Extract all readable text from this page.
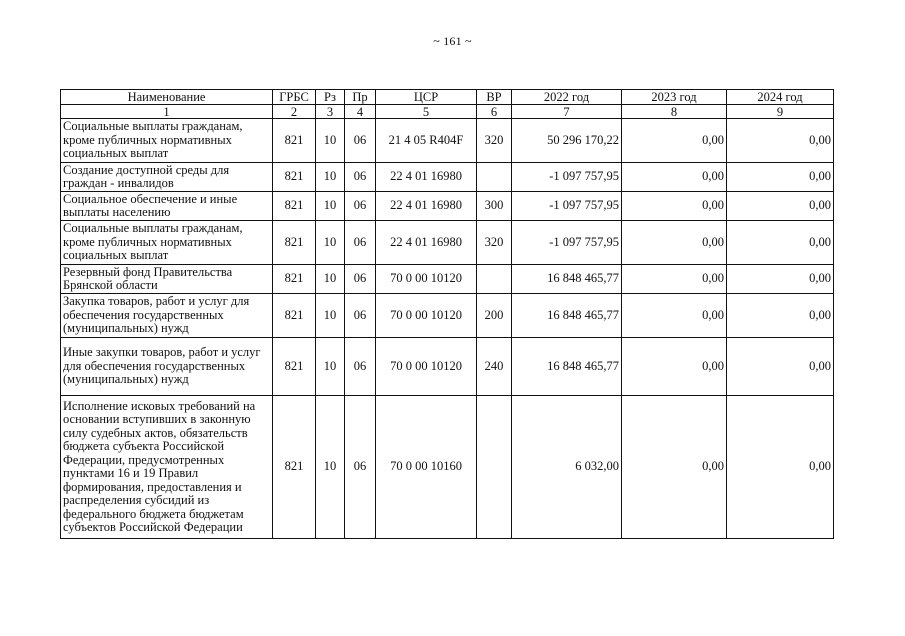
~ 161 ~
Наименование	ГРБС	Рз	Пр	ЦСР	ВР	2022 год	2023 год	2024 год
1	2	3	4	5	6	7	8	9
Социальные выплаты гражданам, кроме публичных нормативных социальных выплат	821	10	06	21 4 05 R404F	320	50 296 170,22	0,00	0,00
Создание доступной среды для граждан - инвалидов	821	10	06	22 4 01 16980		-1 097 757,95	0,00	0,00
Социальное обеспечение и иные выплаты населению	821	10	06	22 4 01 16980	300	-1 097 757,95	0,00	0,00
Социальные выплаты гражданам, кроме публичных нормативных социальных выплат	821	10	06	22 4 01 16980	320	-1 097 757,95	0,00	0,00
Резервный фонд Правительства Брянской области	821	10	06	70 0 00 10120		16 848 465,77	0,00	0,00
Закупка товаров, работ и услуг для обеспечения государственных (муниципальных) нужд	821	10	06	70 0 00 10120	200	16 848 465,77	0,00	0,00
Иные закупки товаров, работ и услуг для обеспечения государственных (муниципальных) нужд	821	10	06	70 0 00 10120	240	16 848 465,77	0,00	0,00
Исполнение исковых требований на основании вступивших в законную силу судебных актов, обязательств бюджета субъекта Российской Федерации, предусмотренных пунктами 16 и 19 Правил формирования, предоставления и распределения субсидий из федерального бюджета бюджетам субъектов Российской Федерации	821	10	06	70 0 00 10160		6 032,00	0,00	0,00
